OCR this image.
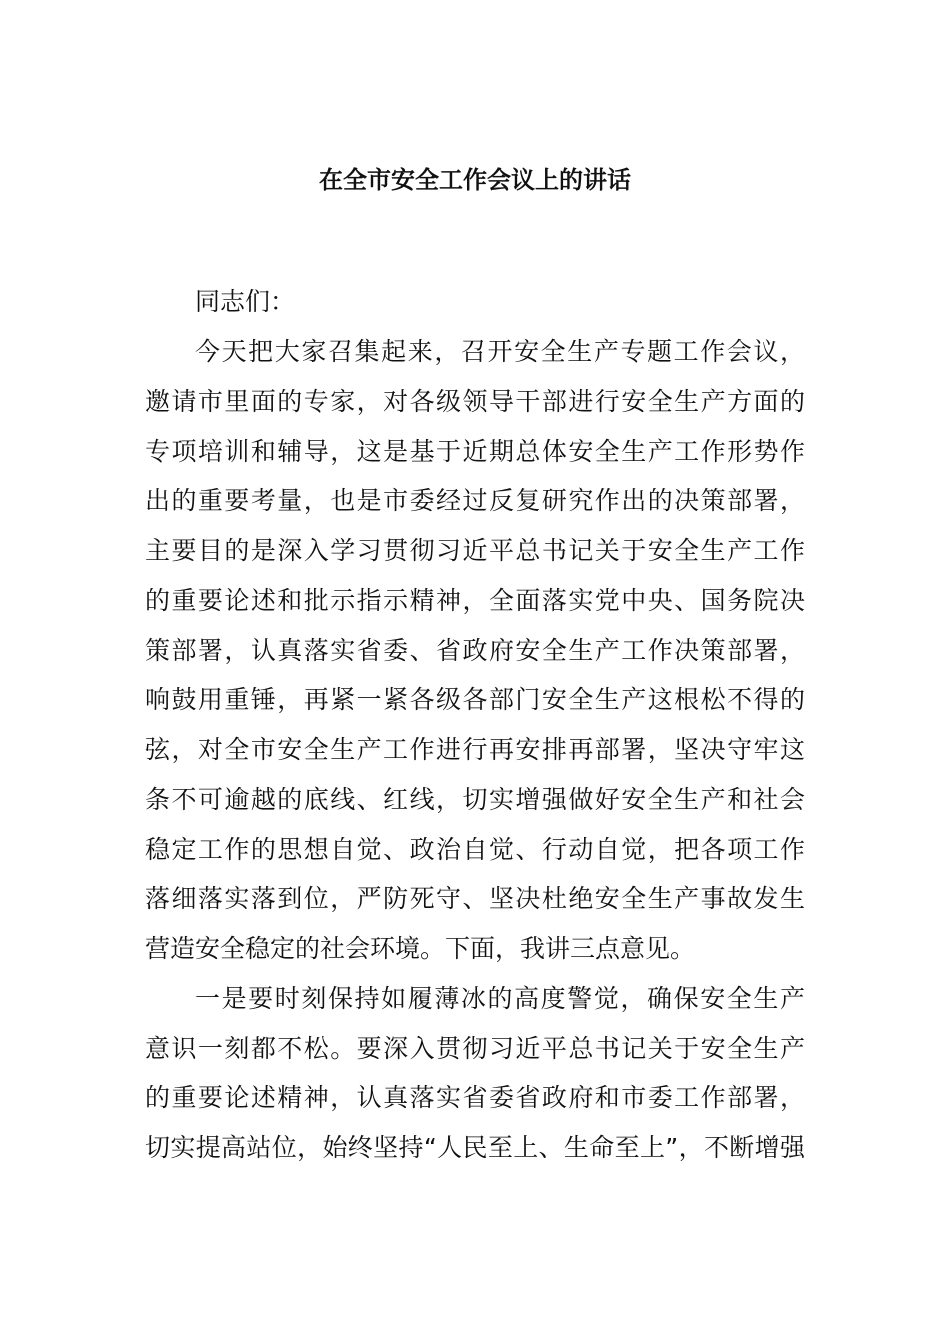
在全市安全工作会议上的讲话
同志们：
今天把大家召集起来，召开安全生产专题工作会议，
邀请市里面的专家，对各级领导干部进行安全生产方面的
专项培训和辅导，这是基于近期总体安全生产工作形势作
出的重要考量，也是市委经过反复研究作出的决策部署，
主要目的是深入学习贯彻习近平总书记关于安全生产工作
的重要论述和批示指示精神，全面落实党中央、国务院决
策部署，认真落实省委、省政府安全生产工作决策部署，
响鼓用重锤，再紧一紧各级各部门安全生产这根松不得的
弦，对全市安全生产工作进行再安排再部署，坚决守牢这
条不可逾越的底线、红线，切实增强做好安全生产和社会
稳定工作的思想自觉、政治自觉、行动自觉，把各项工作
落细落实落到位，严防死守、坚决杜绝安全生产事故发生
营造安全稳定的社会环境。下面，我讲三点意见。
一是要时刻保持如履薄冰的高度警觉，确保安全生产
意识一刻都不松。要深入贯彻习近平总书记关于安全生产
的重要论述精神，认真落实省委省政府和市委工作部署，
切实提高站位，始终坚持“人民至上、生命至上”，不断增强
